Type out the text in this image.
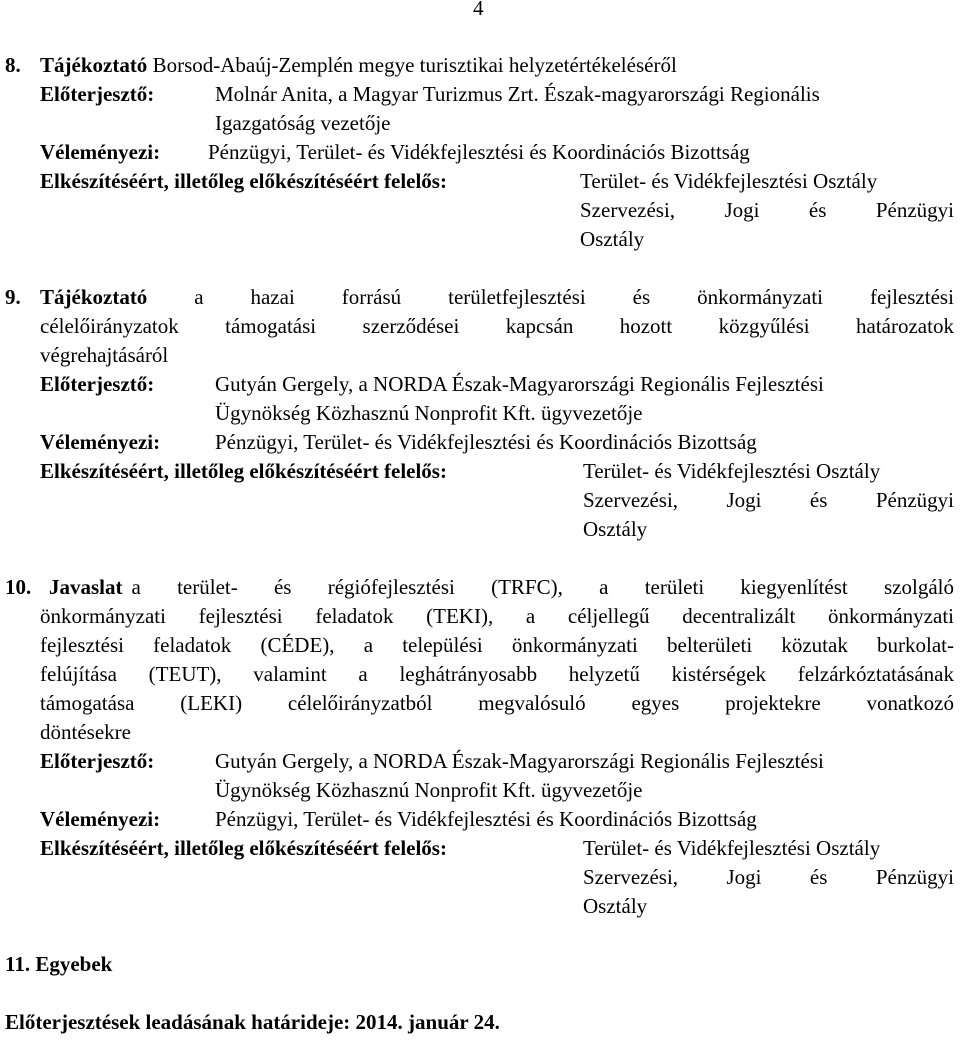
4
8. Tájékoztató Borsod-Abaúj-Zemplén megye turisztikai helyzetértékeléséről
Előterjesztő:	Molnár Anita, a Magyar Turizmus Zrt. Észak-magyarországi Regionális
Igazgatóság vezetője
Véleményezi: Pénzügyi, Terület- és Vidékfejlesztési és Koordinációs Bizottság
Elkészítéséért, illetőleg előkészítéséért felelős:	Terület- és Vidékfejlesztési Osztály
Szervezési, Jogi és Pénzügyi
Osztály
9. Tájékoztató a hazai forrású területfejlesztési és önkormányzati fejlesztési
célelőirányzatok támogatási szerződései kapcsán hozott közgyűlési határozatok
végrehajtásáról
Előterjesztő:	Gutyán Gergely, a NORDA Észak-Magyarországi Regionális Fejlesztési
Ügynökség Közhasznú Nonprofit Kft. ügyvezetője
Véleményezi:	Pénzügyi, Terület- és Vidékfejlesztési és Koordinációs Bizottság
Elkészítéséért, illetőleg előkészítéséért felelős:	Terület- és Vidékfejlesztési Osztály
Szervezési, Jogi és Pénzügyi
Osztály
10. Javaslat a terület- és régiófejlesztési (TRFC), a területi kiegyenlítést szolgáló
önkormányzati fejlesztési feladatok (TEKI), a céljellegű decentralizált önkormányzati
fejlesztési feladatok (CÉDE), a települési önkormányzati belterületi közutak burkolat-
felújítása (TEUT), valamint a leghátrányosabb helyzetű kistérségek felzárkóztatásának
támogatása (LEKI) célelőirányzatból megvalósuló egyes projektekre vonatkozó
döntésekre
Előterjesztő:	Gutyán Gergely, a NORDA Észak-Magyarországi Regionális Fejlesztési
Ügynökség Közhasznú Nonprofit Kft. ügyvezetője
Véleményezi:	Pénzügyi, Terület- és Vidékfejlesztési és Koordinációs Bizottság
Elkészítéséért, illetőleg előkészítéséért felelős:	Terület- és Vidékfejlesztési Osztály
Szervezési, Jogi és Pénzügyi
Osztály
11. Egyebek
Előterjesztések leadásának határideje: 2014. január 24.
